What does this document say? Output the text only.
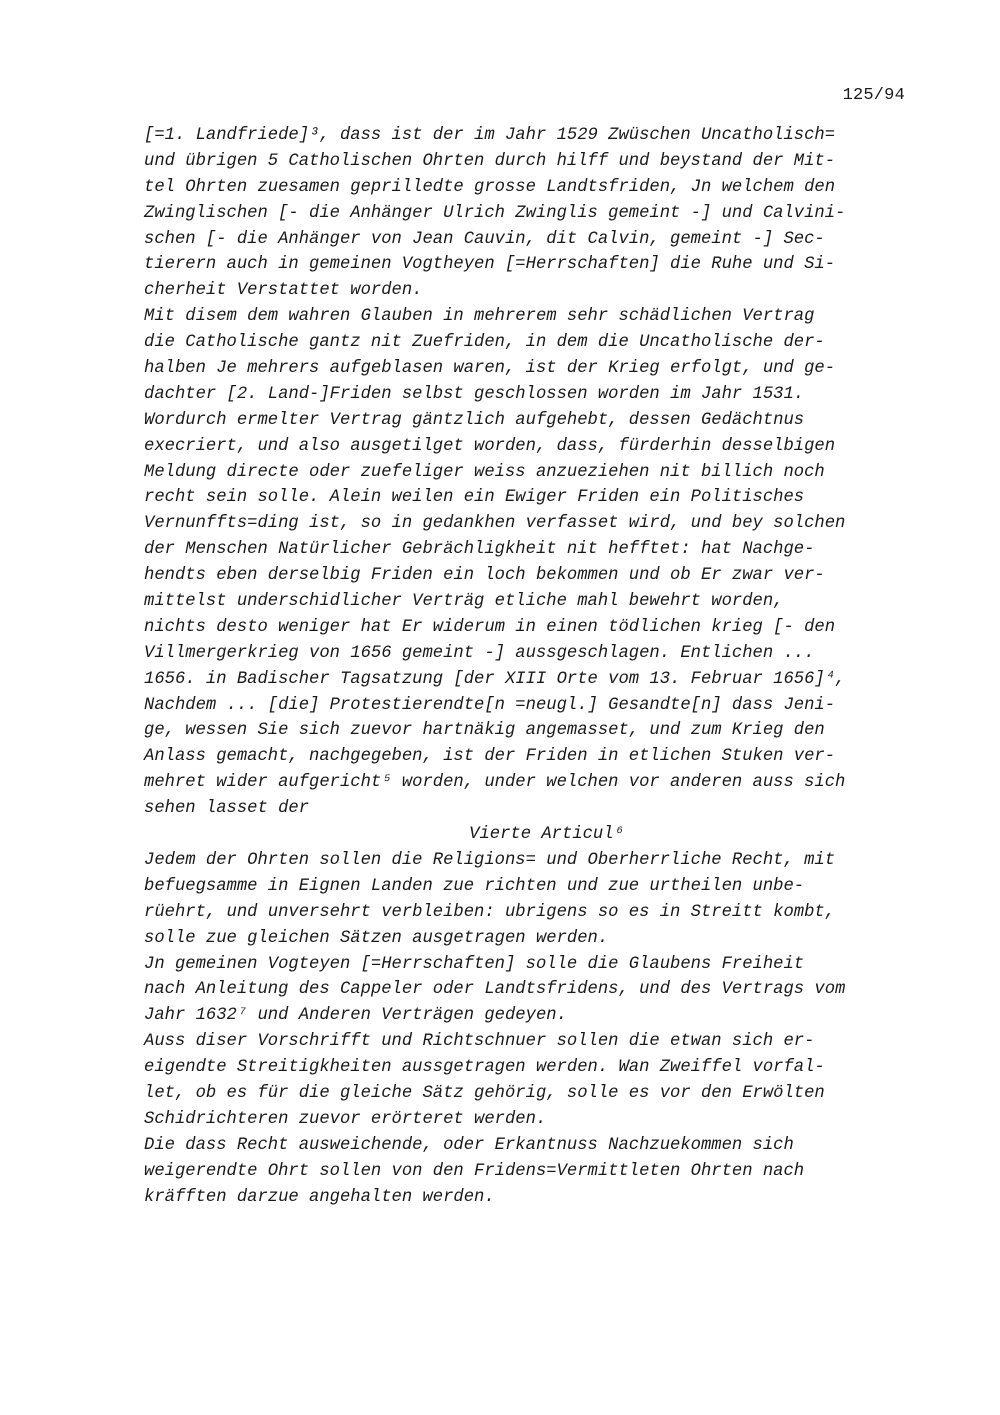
125/94
[=1. Landfriede]³, dass ist der im Jahr 1529 Zwüschen Uncatholisch=
und übrigen 5 Catholischen Ohrten durch hilff und beystand der Mit-
tel Ohrten zuesamen geprilledte grosse Landtsfriden, Jn welchem den
Zwinglischen [- die Anhänger Ulrich Zwinglis gemeint -] und Calvini-
schen [- die Anhänger von Jean Cauvin, dit Calvin, gemeint -] Sec-
tierern auch in gemeinen Vogtheyen [=Herrschaften] die Ruhe und Si-
cherheit Verstattet worden.
Mit disem dem wahren Glauben in mehrerem sehr schädlichen Vertrag
die Catholische gantz nit Zuefriden, in dem die Uncatholische der-
halben Je mehrers aufgeblasen waren, ist der Krieg erfolgt, und ge-
dachter [2. Land-]Friden selbst geschlossen worden im Jahr 1531.
Wordurch ermelter Vertrag gäntzlich aufgehebt, dessen Gedächtnus
execriert, und also ausgetilget worden, dass, fürderhin desselbigen
Meldung directe oder zuefeliger weiss anzueziehen nit billich noch
recht sein solle. Alein weilen ein Ewiger Friden ein Politisches
Vernunffts=ding ist, so in gedankhen verfasset wird, und bey solchen
der Menschen Natürlicher Gebrächligkheit nit hefftet: hat Nachge-
hendts eben derselbig Friden ein loch bekommen und ob Er zwar ver-
mittelst underschidlicher Verträg etliche mahl bewehrt worden,
nichts desto weniger hat Er widerum in einen tödlichen krieg [- den
Villmergerkrieg von 1656 gemeint -] aussgeschlagen. Entlichen ...
1656. in Badischer Tagsatzung [der XIII Orte vom 13. Februar 1656]⁴,
Nachdem ... [die] Protestierendte[n =neugl.] Gesandte[n] dass Jeni-
ge, wessen Sie sich zuevor hartnäkig angemasset, und zum Krieg den
Anlass gemacht, nachgegeben, ist der Friden in etlichen Stuken ver-
mehret wider aufgericht⁵ worden, under welchen vor anderen auss sich
sehen lasset der
Vierte Articul⁶
Jedem der Ohrten sollen die Religions= und Oberherrliche Recht, mit
befuegsamme in Eignen Landen zue richten und zue urtheilen unbe-
rüehrt, und unversehrt verbleiben: ubrigens so es in Streitt kombt,
solle zue gleichen Sätzen ausgetragen werden.
Jn gemeinen Vogteyen [=Herrschaften] solle die Glaubens Freiheit
nach Anleitung des Cappeler oder Landtsfridens, und des Vertrags vom
Jahr 1632⁷ und Anderen Verträgen gedeyen.
Auss diser Vorschrifft und Richtschnuer sollen die etwan sich er-
eigendte Streitigkheiten aussgetragen werden. Wan Zweiffel vorfal-
let, ob es für die gleiche Sätz gehörig, solle es vor den Erwölten
Schidrichteren zuevor erörteret werden.
Die dass Recht ausweichende, oder Erkantnuss Nachzuekommen sich
weigerendte Ohrt sollen von den Fridens=Vermittleten Ohrten nach
kräfften darzue angehalten werden.
